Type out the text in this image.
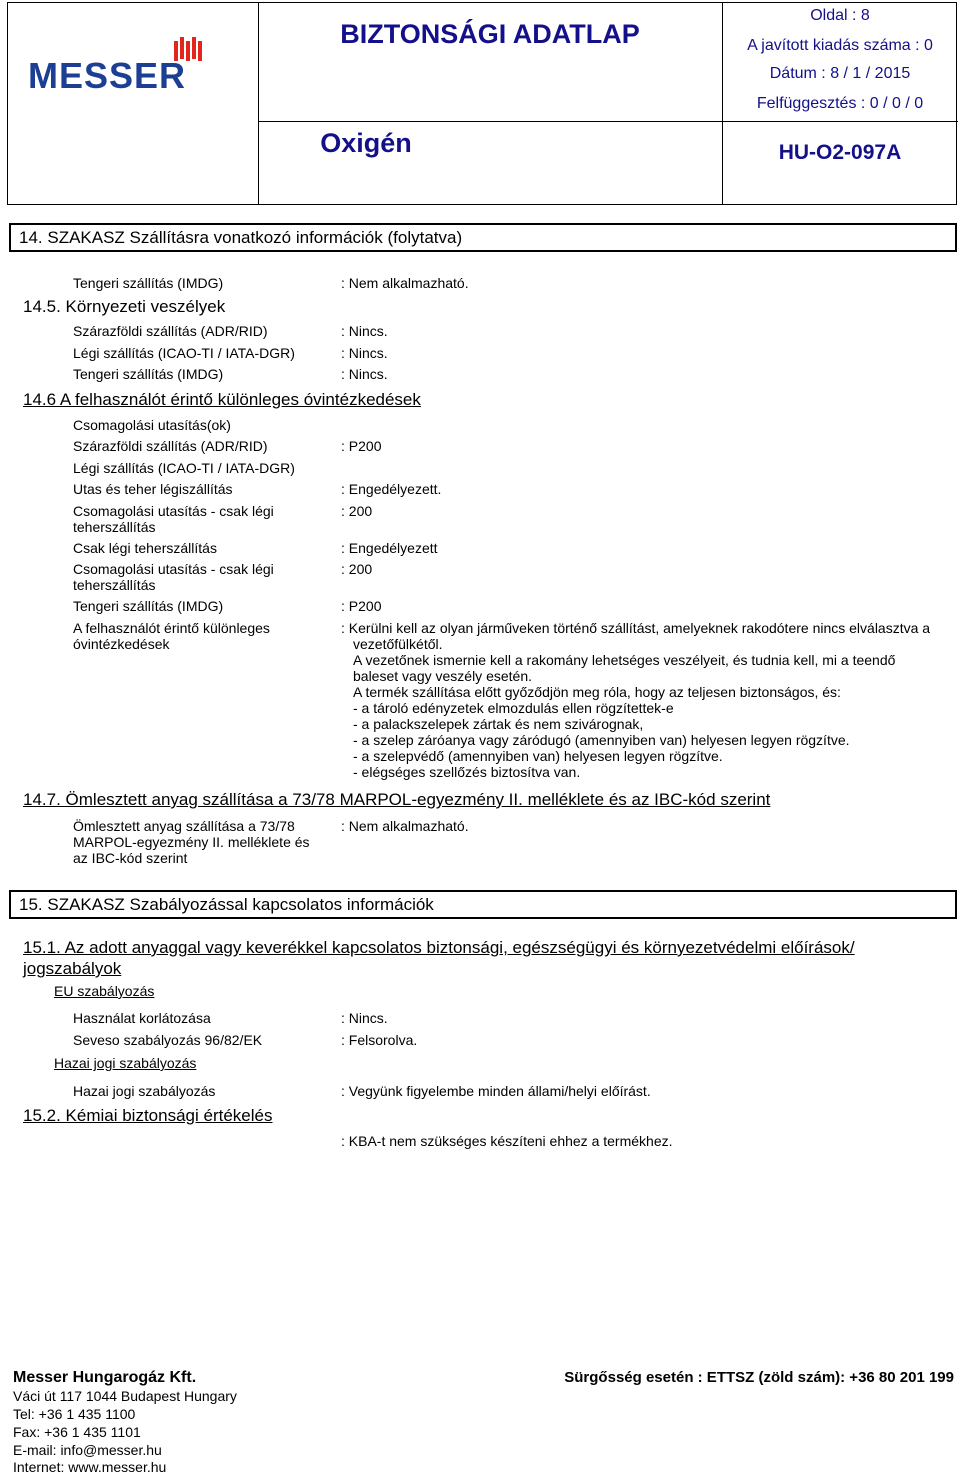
MESSER
BIZTONSÁGI ADATLAP
Oxigén
Oldal : 8
A javított kiadás száma : 0
Dátum : 8 / 1 / 2015
Felfüggesztés : 0 / 0 / 0
HU-O2-097A
14. SZAKASZ Szállításra vonatkozó információk (folytatva)
Tengeri szállítás (IMDG)	: Nem alkalmazható.
14.5. Környezeti veszélyek
Szárazföldi szállítás (ADR/RID)	: Nincs.
Légi szállítás (ICAO-TI / IATA-DGR)	: Nincs.
Tengeri szállítás (IMDG)	: Nincs.
14.6 A felhasználót érintő különleges óvintézkedések
Csomagolási utasítás(ok)
Szárazföldi szállítás (ADR/RID)	: P200
Légi szállítás (ICAO-TI / IATA-DGR)
Utas és teher légiszállítás	: Engedélyezett.
Csomagolási utasítás - csak légi
teherszállítás
: 200
Csak légi teherszállítás	: Engedélyezett
Csomagolási utasítás - csak légi
teherszállítás
: 200
Tengeri szállítás (IMDG)	: P200
A felhasználót érintő különleges
óvintézkedések
: Kerülni kell az olyan járműveken történő szállítást, amelyeknek rakodótere nincs elválasztva a
vezetőfülkétől.
A vezetőnek ismernie kell a rakomány lehetséges veszélyeit, és tudnia kell, mi a teendő
baleset vagy veszély esetén.
A termék szállítása előtt győződjön meg róla, hogy az teljesen biztonságos, és:
- a tároló edényzetek elmozdulás ellen rögzítettek-e
- a palackszelepek zártak és nem szivárognak,
- a szelep záróanya vagy záródugó (amennyiben van) helyesen legyen rögzítve.
- a szelepvédő (amennyiben van) helyesen legyen rögzítve.
- elégséges szellőzés biztosítva van.
14.7. Ömlesztett anyag szállítása a 73/78 MARPOL-egyezmény II. melléklete és az IBC-kód szerint
Ömlesztett anyag szállítása a 73/78
MARPOL-egyezmény II. melléklete és
az IBC-kód szerint
: Nem alkalmazható.
15. SZAKASZ Szabályozással kapcsolatos információk
15.1. Az adott anyaggal vagy keverékkel kapcsolatos biztonsági, egészségügyi és környezetvédelmi előírások/
jogszabályok
EU szabályozás
Használat korlátozása	: Nincs.
Seveso szabályozás 96/82/EK	: Felsorolva.
Hazai jogi szabályozás
Hazai jogi szabályozás	: Vegyünk figyelembe minden állami/helyi előírást.
15.2. Kémiai biztonsági értékelés
: KBA-t nem szükséges készíteni ehhez a termékhez.
Messer Hungarogáz Kft.
Váci út 117 1044 Budapest Hungary
Tel: +36 1 435 1100
Fax: +36 1 435 1101
E-mail: info@messer.hu
Internet: www.messer.hu
Sürgősség esetén : ETTSZ (zöld szám): +36 80 201 199
